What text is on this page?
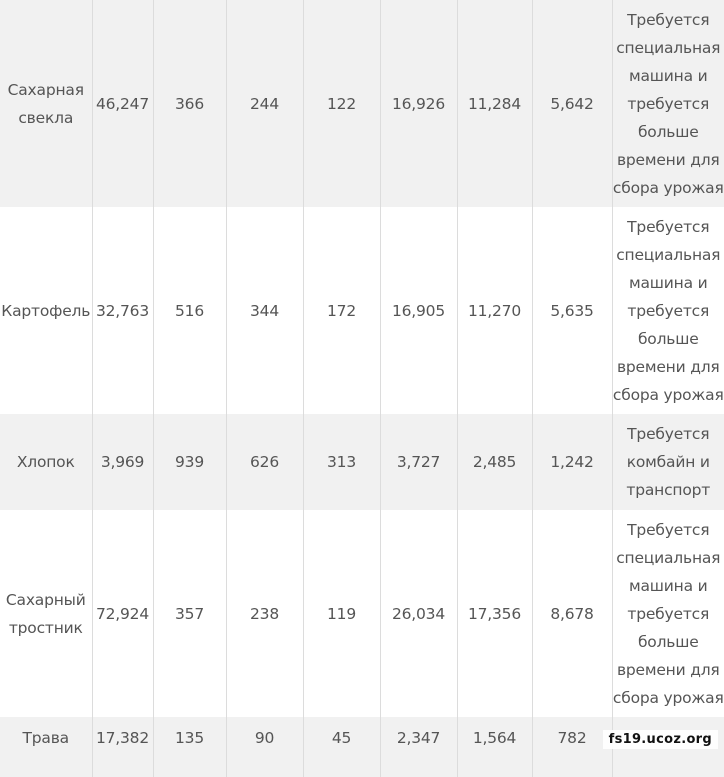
Сахарная свекла	46,247	366	244	122	16,926	11,284	5,642	Требуется специальная машина и требуется больше времени для сбора урожая
Картофель	32,763	516	344	172	16,905	11,270	5,635	Требуется специальная машина и требуется больше времени для сбора урожая
Хлопок	3,969	939	626	313	3,727	2,485	1,242	Требуется комбайн и транспорт
Сахарный тростник	72,924	357	238	119	26,034	17,356	8,678	Требуется специальная машина и требуется больше времени для сбора урожая
Трава	17,382	135	90	45	2,347	1,564	782		fs19.ucoz.org
